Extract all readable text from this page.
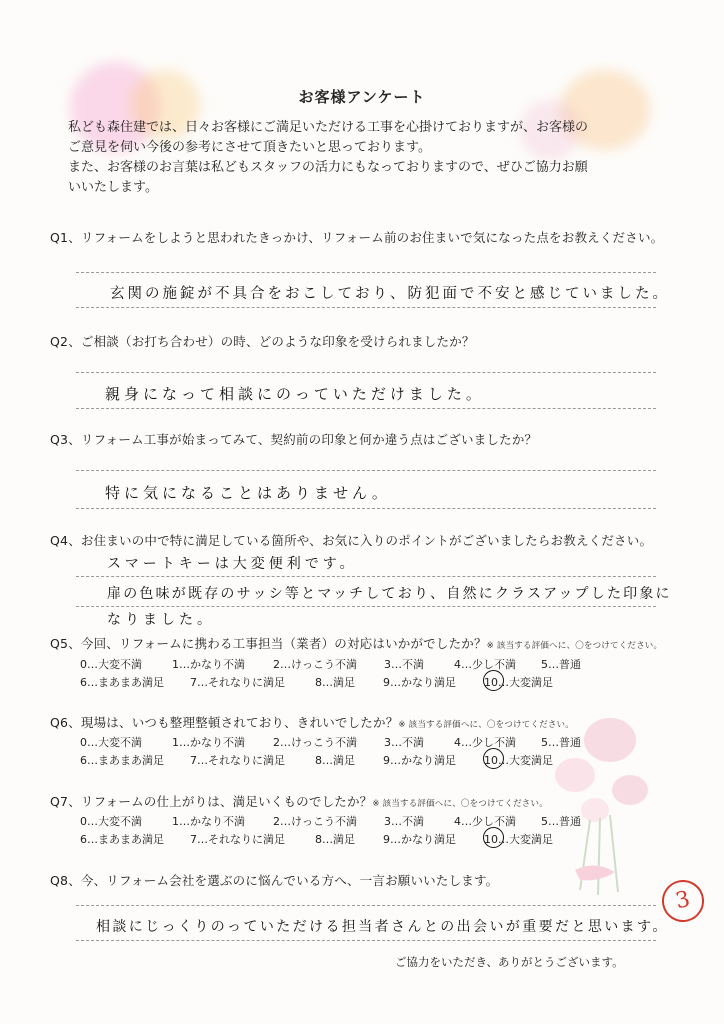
お客様アンケート
私ども森住建では、日々お客様にご満足いただける工事を心掛けておりますが、お客様の
ご意見を伺い今後の参考にさせて頂きたいと思っております。
また、お客様のお言葉は私どもスタッフの活力にもなっておりますので、ぜひご協力お願
いいたします。
Q1、リフォームをしようと思われたきっかけ、リフォーム前のお住まいで気になった点をお教えください。
玄関の施錠が不具合をおこしており、防犯面で不安と感じていました。
Q2、ご相談（お打ち合わせ）の時、どのような印象を受けられましたか？
親身になって相談にのっていただけました。
Q3、リフォーム工事が始まってみて、契約前の印象と何か違う点はございましたか？
特に気になることはありません。
Q4、お住まいの中で特に満足している箇所や、お気に入りのポイントがございましたらお教えください。
スマートキーは大変便利です。
扉の色味が既存のサッシ等とマッチしており、自然にクラスアップした印象に
なりました。
Q5、今回、リフォームに携わる工事担当（業者）の対応はいかがでしたか？※ 該当する評価へに、〇をつけてください。
0…大変不満	1…かなり不満	2…けっこう不満 3…不満	4…少し不満 5…普通
6…まあまあ満足 7…それなりに満足	8…満足	9…かなり満足	10…大変満足
Q6、現場は、いつも整理整頓されており、きれいでしたか？※ 該当する評価へに、〇をつけてください。
0…大変不満	1…かなり不満	2…けっこう不満 3…不満	4…少し不満 5…普通
6…まあまあ満足 7…それなりに満足	8…満足	9…かなり満足	10…大変満足
Q7、リフォームの仕上がりは、満足いくものでしたか？※ 該当する評価へに、〇をつけてください。
0…大変不満	1…かなり不満	2…けっこう不満 3…不満	4…少し不満 5…普通
6…まあまあ満足 7…それなりに満足	8…満足	9…かなり満足	10…大変満足
Q8、今、リフォーム会社を選ぶのに悩んでいる方へ、一言お願いいたします。
相談にじっくりのっていただける担当者さんとの出会いが重要だと思います。
3
ご協力をいただき、ありがとうございます。
